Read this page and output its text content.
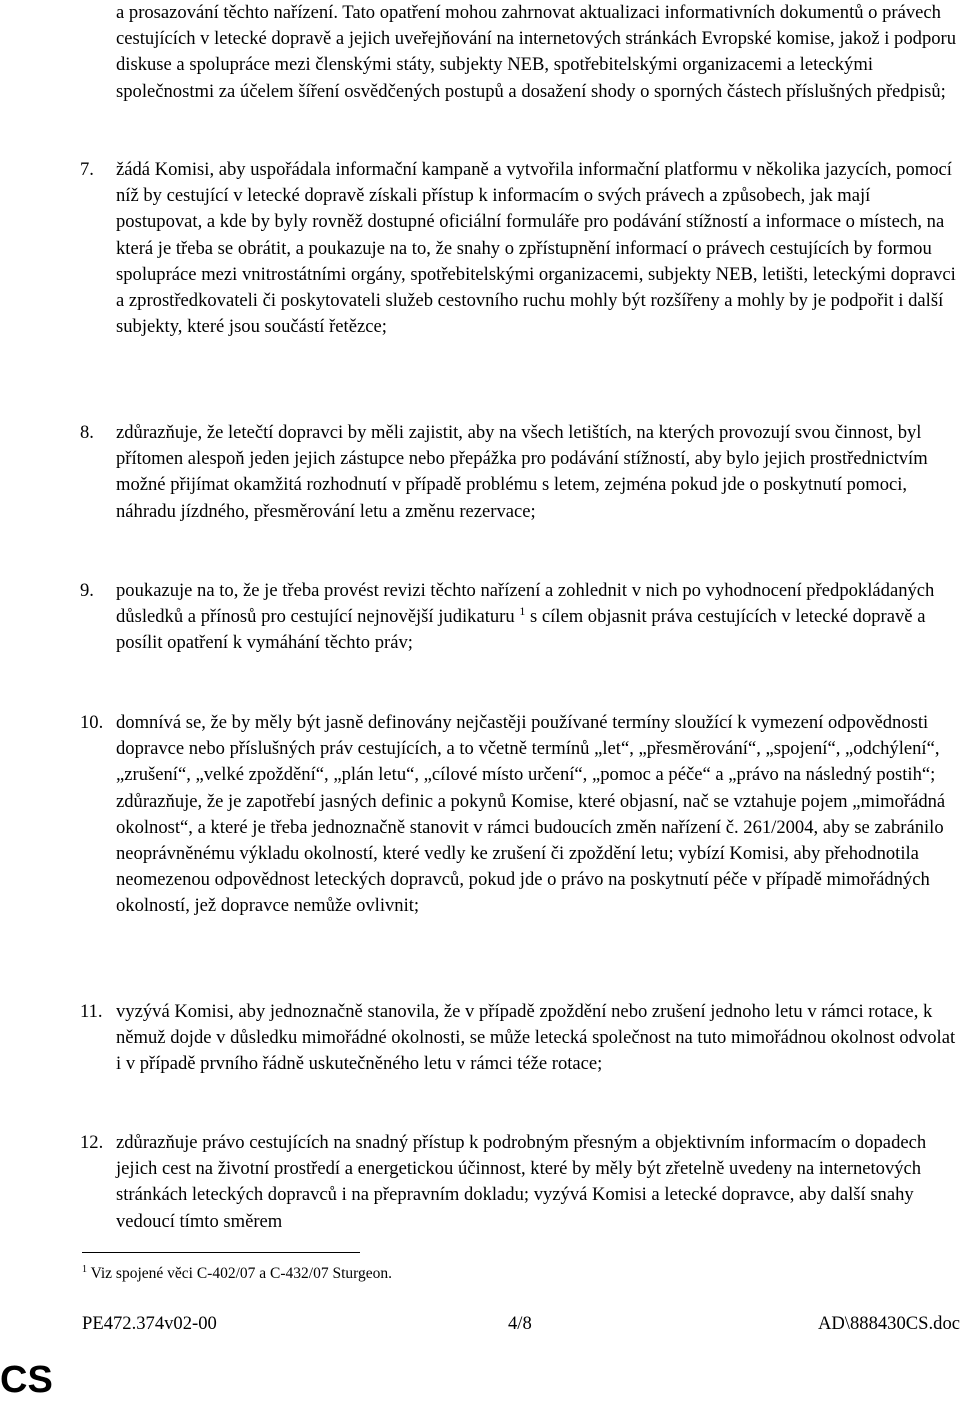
a prosazování těchto nařízení. Tato opatření mohou zahrnovat aktualizaci informativních dokumentů o právech cestujících v letecké dopravě a jejich uveřejňování na internetových stránkách Evropské komise, jakož i podporu diskuse a spolupráce mezi členskými státy, subjekty NEB, spotřebitelskými organizacemi a leteckými společnostmi za účelem šíření osvědčených postupů a dosažení shody o sporných částech příslušných předpisů;

7.	žádá Komisi, aby uspořádala informační kampaně a vytvořila informační platformu v několika jazycích, pomocí níž by cestující v letecké dopravě získali přístup k informacím o svých právech a způsobech, jak mají postupovat, a kde by byly rovněž dostupné oficiální formuláře pro podávání stížností a informace o místech, na která je třeba se obrátit, a poukazuje na to, že snahy o zpřístupnění informací o právech cestujících by formou spolupráce mezi vnitrostátními orgány, spotřebitelskými organizacemi, subjekty NEB, letišti, leteckými dopravci a zprostředkovateli či poskytovateli služeb cestovního ruchu mohly být rozšířeny a mohly by je podpořit i další subjekty, které jsou součástí řetězce;
8.	zdůrazňuje, že letečtí dopravci by měli zajistit, aby na všech letištích, na kterých provozují svou činnost, byl přítomen alespoň jeden jejich zástupce nebo přepážka pro podávání stížností, aby bylo jejich prostřednictvím možné přijímat okamžitá rozhodnutí v případě problému s letem, zejména pokud jde o poskytnutí pomoci, náhradu jízdného, přesměrování letu a změnu rezervace;
9.	poukazuje na to, že je třeba provést revizi těchto nařízení a zohlednit v nich po vyhodnocení předpokládaných důsledků a přínosů pro cestující nejnovější judikaturu $^1$ s cílem objasnit práva cestujících v letecké dopravě a posílit opatření k vymáhání těchto práv;
10. domnívá se, že by měly být jasně definovány nejčastěji používané termíny sloužící k vymezení odpovědnosti dopravce nebo příslušných práv cestujících, a to včetně termínů „let“, „přesměrování“, „spojení“, „odchýlení“, „zrušení“, „velké zpoždění“, „plán letu“, „cílové místo určení“, „pomoc a péče“ a „právo na následný postih“; zdůrazňuje, že je zapotřebí jasných definic a pokynů Komise, které objasní, nač se vztahuje pojem „mimořádná okolnost“, a které je třeba jednoznačně stanovit v rámci budoucích změn nařízení č. 261/2004, aby se zabránilo neoprávněnému výkladu okolností, které vedly ke zrušení či zpoždění letu; vybízí Komisi, aby přehodnotila neomezenou odpovědnost leteckých dopravců, pokud jde o právo na poskytnutí péče v případě mimořádných okolností, jež dopravce nemůže ovlivnit;
11. vyzývá Komisi, aby jednoznačně stanovila, že v případě zpoždění nebo zrušení jednoho letu v rámci rotace, k němuž dojde v důsledku mimořádné okolnosti, se může letecká společnost na tuto mimořádnou okolnost odvolat i v případě prvního řádně uskutečněného letu v rámci téže rotace;
12. zdůrazňuje právo cestujících na snadný přístup k podrobným přesným a objektivním informacím o dopadech jejich cest na životní prostředí a energetickou účinnost, které by měly být zřetelně uvedeny na internetových stránkách leteckých dopravců i na přepravním dokladu; vyzývá Komisi a letecké dopravce, aby další snahy vedoucí tímto směrem
$^1$ Viz spojené věci C‑402/07 a C‑432/07 Sturgeon.
PE472.374v02-00	4/8	AD\888430CS.doc
CS
